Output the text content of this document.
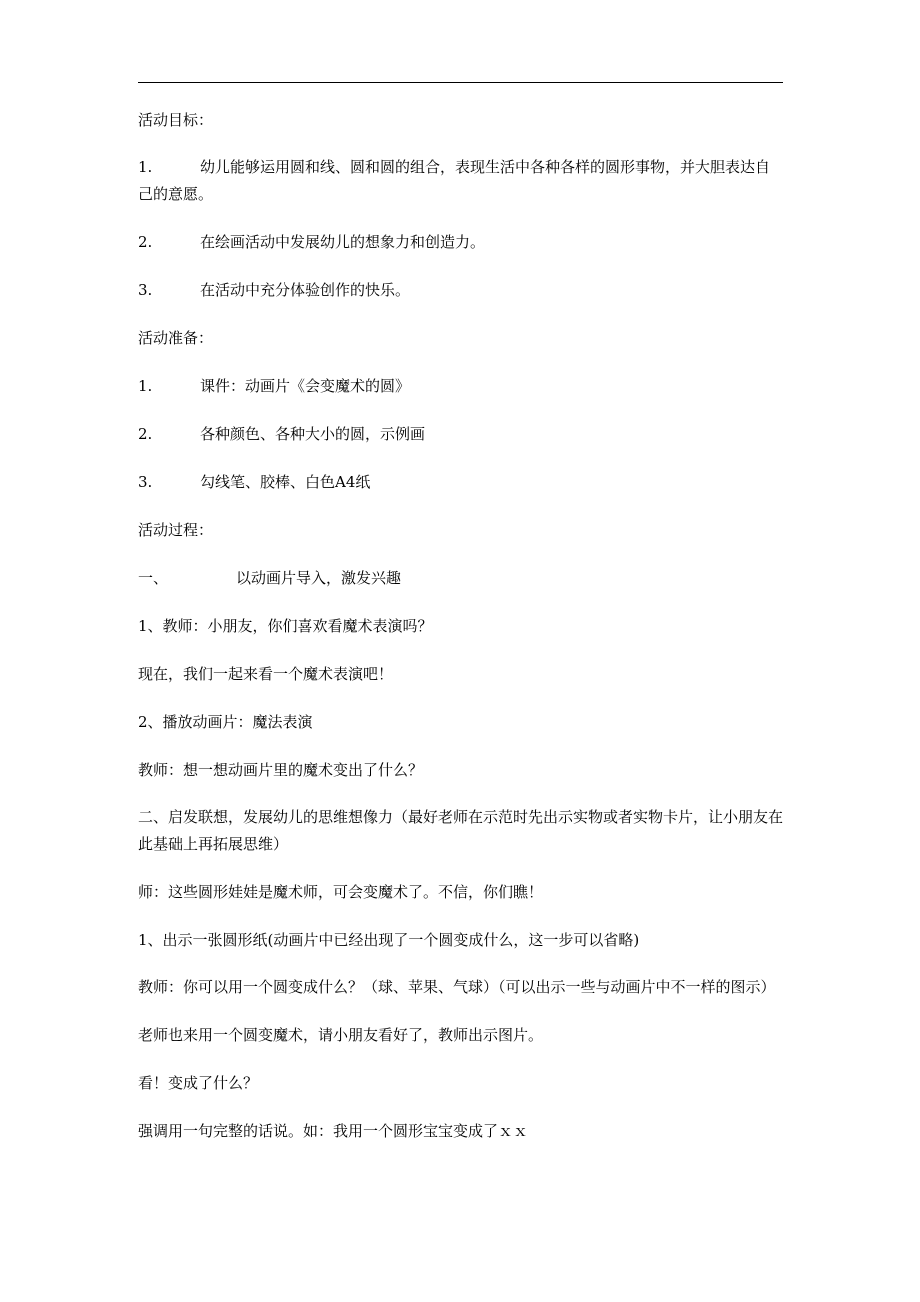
活动目标：

1.	幼儿能够运用圆和线、圆和圆的组合，表现生活中各种各样的圆形事物，并大胆表达自己的意愿。

2.	在绘画活动中发展幼儿的想象力和创造力。

3.	在活动中充分体验创作的快乐。

活动准备：

1.	课件：动画片《会变魔术的圆》

2.	各种颜色、各种大小的圆，示例画

3.	勾线笔、胶棒、白色A4纸

活动过程：

一、	以动画片导入，激发兴趣

1、教师：小朋友，你们喜欢看魔术表演吗？

现在，我们一起来看一个魔术表演吧！

2、播放动画片：魔法表演

教师：想一想动画片里的魔术变出了什么？

二、启发联想，发展幼儿的思维想像力（最好老师在示范时先出示实物或者实物卡片，让小朋友在此基础上再拓展思维）

师：这些圆形娃娃是魔术师，可会变魔术了。不信，你们瞧！

1、出示一张圆形纸(动画片中已经出现了一个圆变成什么，这一步可以省略)

教师：你可以用一个圆变成什么？（球、苹果、气球）（可以出示一些与动画片中不一样的图示）

老师也来用一个圆变魔术，请小朋友看好了，教师出示图片。

看！变成了什么？

强调用一句完整的话说。如：我用一个圆形宝宝变成了ｘｘ
